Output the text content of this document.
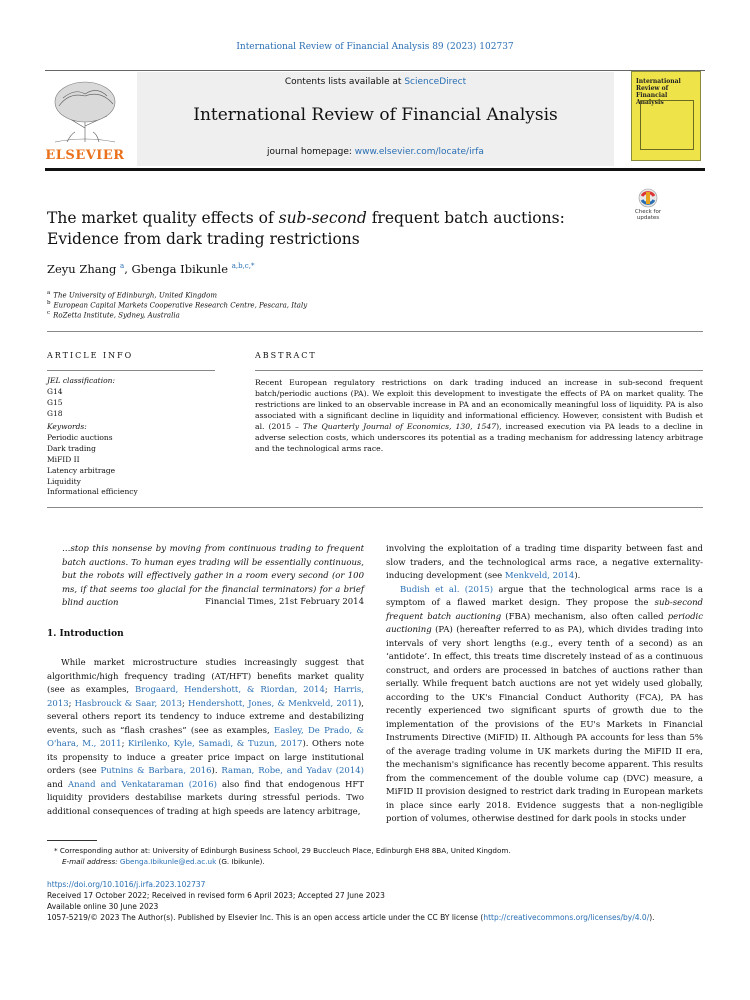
International Review of Financial Analysis 89 (2023) 102737
Contents lists available at ScienceDirect
International Review of Financial Analysis
journal homepage: www.elsevier.com/locate/irfa
ELSEVIER
International Review of Financial Analysis
Check for updates
The market quality effects of sub-second frequent batch auctions: Evidence from dark trading restrictions
Zeyu Zhang $^a$, Gbenga Ibikunle $^{a,b,c,*}$
$^a$ The University of Edinburgh, United Kingdom
$^b$ European Capital Markets Cooperative Research Centre, Pescara, Italy
$^c$ RoZetta Institute, Sydney, Australia
ARTICLE INFO
JEL classification:
G14
G15
G18
Keywords:
Periodic auctions
Dark trading
MiFID II
Latency arbitrage
Liquidity
Informational efficiency
ABSTRACT
Recent European regulatory restrictions on dark trading induced an increase in sub-second frequent batch/periodic auctions (PA). We exploit this development to investigate the effects of PA on market quality. The restrictions are linked to an observable increase in PA and an economically meaningful loss of liquidity. PA is also associated with a significant decline in liquidity and informational efficiency. However, consistent with Budish et al. (2015 – The Quarterly Journal of Economics, 130, 1547), increased execution via PA leads to a decline in adverse selection costs, which underscores its potential as a trading mechanism for addressing latency arbitrage and the technological arms race.
…stop this nonsense by moving from continuous trading to frequent batch auctions. To human eyes trading will be essentially continuous, but the robots will effectively gather in a room every second (or 100 ms, if that seems too glacial for the financial terminators) for a brief blind auction	Financial Times, 21st February 2014
1. Introduction

While market microstructure studies increasingly suggest that algorithmic/high frequency trading (AT/HFT) benefits market quality (see as examples, Brogaard, Hendershott, & Riordan, 2014; Harris, 2013; Hasbrouck & Saar, 2013; Hendershott, Jones, & Menkveld, 2011), several others report its tendency to induce extreme and destabilizing events, such as “flash crashes” (see as examples, Easley, De Prado, & O'hara, M., 2011; Kirilenko, Kyle, Samadi, & Tuzun, 2017). Others note its propensity to induce a greater price impact on large institutional orders (see Putnins & Barbara, 2016). Raman, Robe, and Yadav (2014) and Anand and Venkataraman (2016) also find that endogenous HFT liquidity providers destabilise markets during stressful periods. Two additional consequences of trading at high speeds are latency arbitrage,

involving the exploitation of a trading time disparity between fast and slow traders, and the technological arms race, a negative externality-inducing development (see Menkveld, 2014).

Budish et al. (2015) argue that the technological arms race is a symptom of a flawed market design. They propose the sub-second frequent batch auctioning (FBA) mechanism, also often called periodic auctioning (PA) (hereafter referred to as PA), which divides trading into intervals of very short lengths (e.g., every tenth of a second) as an ‘antidote’. In effect, this treats time discretely instead of as a continuous construct, and orders are processed in batches of auctions rather than serially. While frequent batch auctions are not yet widely used globally, according to the UK's Financial Conduct Authority (FCA), PA has recently experienced two significant spurts of growth due to the implementation of the provisions of the EU's Markets in Financial Instruments Directive (MiFID) II. Although PA accounts for less than 5% of the average trading volume in UK markets during the MiFID II era, the mechanism's significance has recently become apparent. This results from the commencement of the double volume cap (DVC) measure, a MiFID II provision designed to restrict dark trading in European markets in place since early 2018. Evidence suggests that a non-negligible portion of volumes, otherwise destined for dark pools in stocks under

* Corresponding author at: University of Edinburgh Business School, 29 Buccleuch Place, Edinburgh EH8 8BA, United Kingdom.
E-mail address: Gbenga.Ibikunle@ed.ac.uk (G. Ibikunle).
https://doi.org/10.1016/j.irfa.2023.102737
Received 17 October 2022; Received in revised form 6 April 2023; Accepted 27 June 2023
Available online 30 June 2023
1057-5219/© 2023 The Author(s). Published by Elsevier Inc. This is an open access article under the CC BY license (http://creativecommons.org/licenses/by/4.0/).
